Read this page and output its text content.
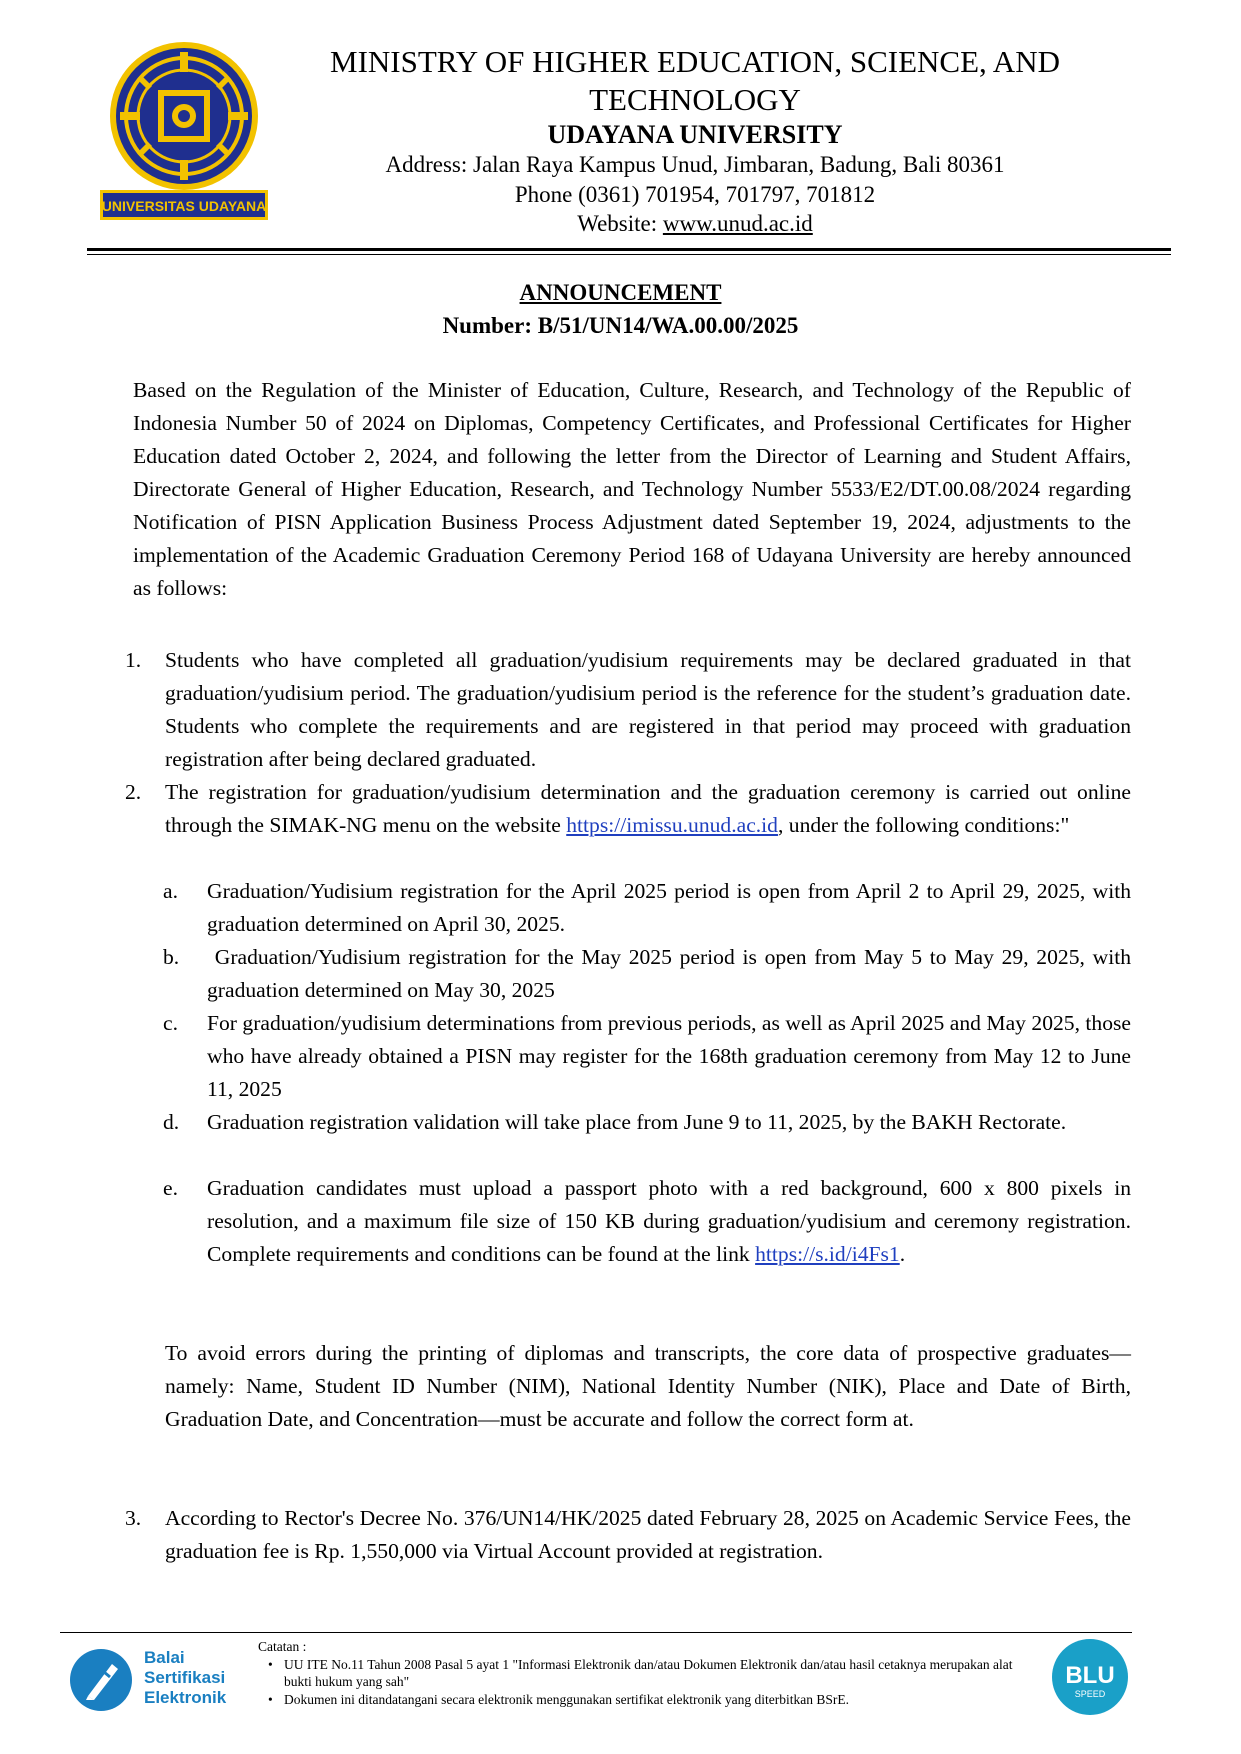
UNIVERSITAS UDAYANA
MINISTRY OF HIGHER EDUCATION, SCIENCE, AND
TECHNOLOGY
UDAYANA UNIVERSITY
Address: Jalan Raya Kampus Unud, Jimbaran, Badung, Bali 80361
Phone (0361) 701954, 701797, 701812
Website: www.unud.ac.id
ANNOUNCEMENT
Number: B/51/UN14/WA.00.00/2025
Based on the Regulation of the Minister of Education, Culture, Research, and Technology of the Republic of Indonesia Number 50 of 2024 on Diplomas, Competency Certificates, and Professional Certificates for Higher Education dated October 2, 2024, and following the letter from the Director of Learning and Student Affairs, Directorate General of Higher Education, Research, and Technology Number 5533/E2/DT.00.08/2024 regarding Notification of PISN Application Business Process Adjustment dated September 19, 2024, adjustments to the implementation of the Academic Graduation Ceremony Period 168 of Udayana University are hereby announced as follows:
1. Students who have completed all graduation/yudisium requirements may be declared graduated in that graduation/yudisium period. The graduation/yudisium period is the reference for the student’s graduation date. Students who complete the requirements and are registered in that period may proceed with graduation registration after being declared graduated.
2. The registration for graduation/yudisium determination and the graduation ceremony is carried out online through the SIMAK-NG menu on the website https://imissu.unud.ac.id, under the following conditions:"
a. Graduation/Yudisium registration for the April 2025 period is open from April 2 to April 29, 2025, with graduation determined on April 30, 2025.
b. Graduation/Yudisium registration for the May 2025 period is open from May 5 to May 29, 2025, with graduation determined on May 30, 2025
c. For graduation/yudisium determinations from previous periods, as well as April 2025 and May 2025, those who have already obtained a PISN may register for the 168th graduation ceremony from May 12 to June 11, 2025
d. Graduation registration validation will take place from June 9 to 11, 2025, by the BAKH Rectorate.
e. Graduation candidates must upload a passport photo with a red background, 600 x 800 pixels in resolution, and a maximum file size of 150 KB during graduation/yudisium and ceremony registration. Complete requirements and conditions can be found at the link https://s.id/i4Fs1.
To avoid errors during the printing of diplomas and transcripts, the core data of prospective graduates—namely: Name, Student ID Number (NIM), National Identity Number (NIK), Place and Date of Birth, Graduation Date, and Concentration—must be accurate and follow the correct form at.
3. According to Rector's Decree No. 376/UN14/HK/2025 dated February 28, 2025 on Academic Service Fees, the graduation fee is Rp. 1,550,000 via Virtual Account provided at registration.
Balai
Sertifikasi
Elektronik
Catatan :
• UU ITE No.11 Tahun 2008 Pasal 5 ayat 1 "Informasi Elektronik dan/atau Dokumen Elektronik dan/atau hasil cetaknya merupakan alat bukti hukum yang sah"
• Dokumen ini ditandatangani secara elektronik menggunakan sertifikat elektronik yang diterbitkan BSrE.
BLU
SPEED
